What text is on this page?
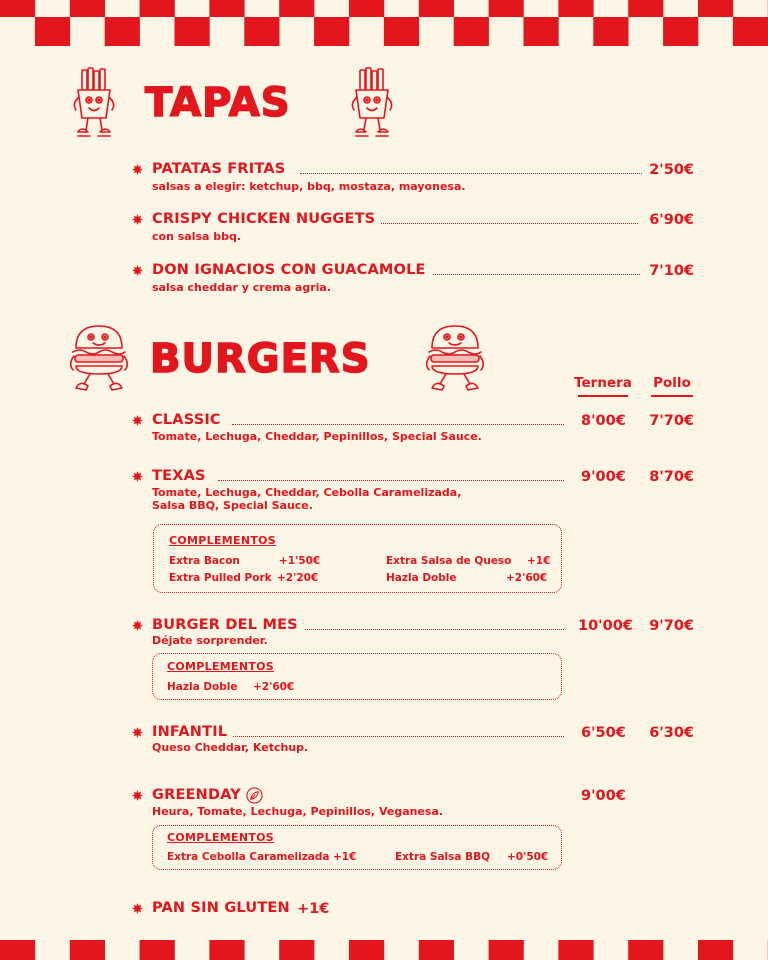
TAPAS
PATATAS FRITAS	2'50€
salsas a elegir: ketchup, bbq, mostaza, mayonesa.
CRISPY CHICKEN NUGGETS	6'90€
con salsa bbq.
DON IGNACIOS CON GUACAMOLE	7'10€
salsa cheddar y crema agria.
BURGERS
Ternera	Pollo
CLASSIC	8'00€ 7'70€
Tomate, Lechuga, Cheddar, Pepinillos, Special Sauce.
TEXAS	9'00€ 8'70€
Tomate, Lechuga, Cheddar, Cebolla Caramelizada,
Salsa BBQ, Special Sauce.
COMPLEMENTOS
Extra Bacon	+1'50€
Extra Pulled Pork +2'20€
Extra Salsa de Queso +1€
Hazla Doble	+2'60€
BURGER DEL MES	10'00€ 9'70€
Déjate sorprender.
COMPLEMENTOS
Hazla Doble +2'60€
INFANTIL	6'50€ 6'30€
Queso Cheddar, Ketchup.
GREENDAY	9'00€
Heura, Tomate, Lechuga, Pepinillos, Veganesa.
COMPLEMENTOS
Extra Cebolla Caramelizada +1€	Extra Salsa BBQ +0'50€
PAN SIN GLUTEN +1€
